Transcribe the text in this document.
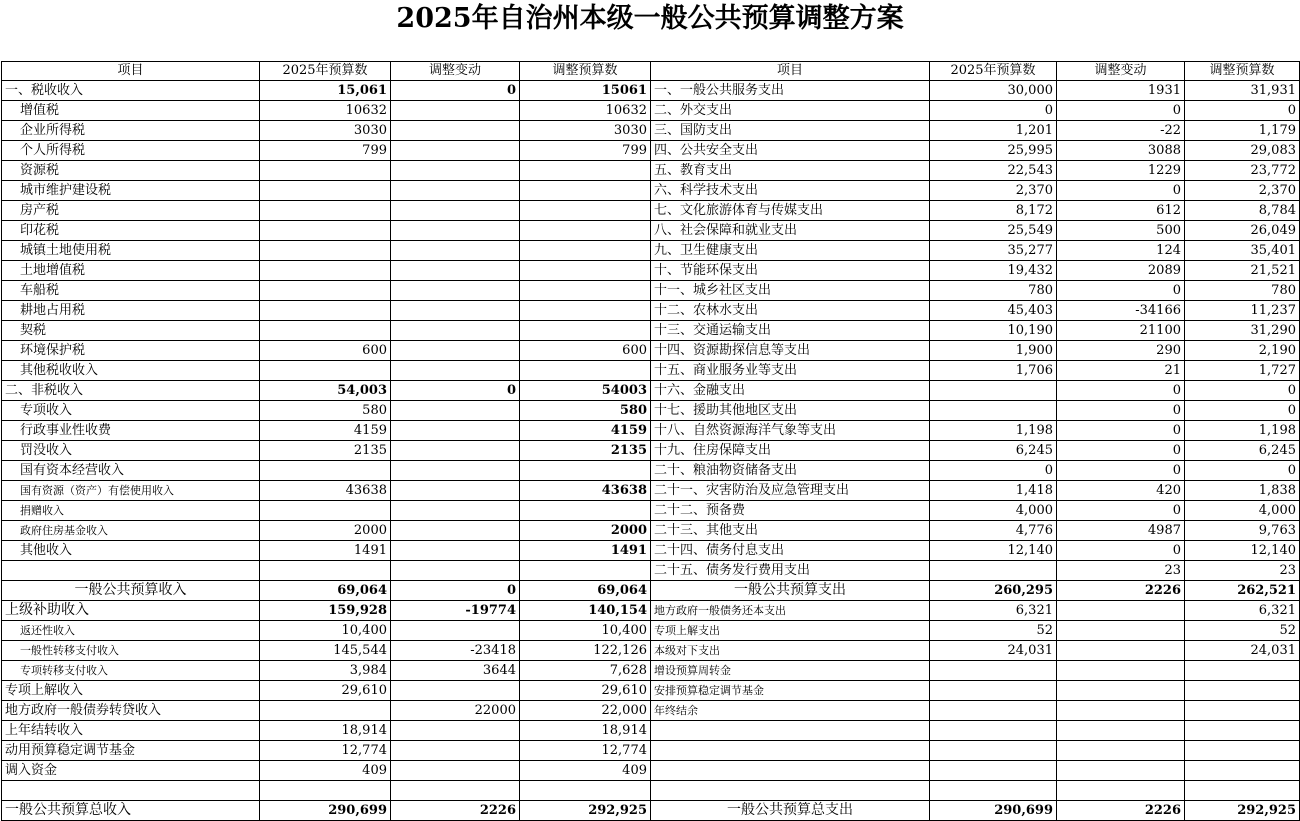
2025年自治州本级一般公共预算调整方案
项目	2025年预算数	调整变动	调整预算数	项目	2025年预算数	调整变动	调整预算数
一、税收收入	15,061	0	15061	一、一般公共服务支出	30,000	1931	31,931
增值税	10632		10632	二、外交支出	0	0	0
企业所得税	3030		3030	三、国防支出	1,201	-22	1,179
个人所得税	799		799	四、公共安全支出	25,995	3088	29,083
资源税				五、教育支出	22,543	1229	23,772
城市维护建设税				六、科学技术支出	2,370	0	2,370
房产税				七、文化旅游体育与传媒支出	8,172	612	8,784
印花税				八、社会保障和就业支出	25,549	500	26,049
城镇土地使用税				九、卫生健康支出	35,277	124	35,401
土地增值税				十、节能环保支出	19,432	2089	21,521
车船税				十一、城乡社区支出	780	0	780
耕地占用税				十二、农林水支出	45,403	-34166	11,237
契税				十三、交通运输支出	10,190	21100	31,290
环境保护税	600		600	十四、资源勘探信息等支出	1,900	290	2,190
其他税收收入				十五、商业服务业等支出	1,706	21	1,727
二、非税收入	54,003	0	54003	十六、金融支出		0	0
专项收入	580		580	十七、援助其他地区支出		0	0
行政事业性收费	4159		4159	十八、自然资源海洋气象等支出	1,198	0	1,198
罚没收入	2135		2135	十九、住房保障支出	6,245	0	6,245
国有资本经营收入				二十、粮油物资储备支出	0	0	0
国有资源（资产）有偿使用收入	43638		43638	二十一、灾害防治及应急管理支出	1,418	420	1,838
捐赠收入				二十二、预备费	4,000	0	4,000
政府住房基金收入	2000		2000	二十三、其他支出	4,776	4987	9,763
其他收入	1491		1491	二十四、债务付息支出	12,140	0	12,140
				二十五、债务发行费用支出		23	23
一般公共预算收入	69,064	0	69,064	一般公共预算支出	260,295	2226	262,521
上级补助收入	159,928	-19774	140,154	地方政府一般债务还本支出	6,321		6,321
返还性收入	10,400		10,400	专项上解支出	52		52
一般性转移支付收入	145,544	-23418	122,126	本级对下支出	24,031		24,031
专项转移支付收入	3,984	3644	7,628	增设预算周转金			
专项上解收入	29,610		29,610	安排预算稳定调节基金			
地方政府一般债券转贷收入		22000	22,000	年终结余			
上年结转收入	18,914		18,914				
动用预算稳定调节基金	12,774		12,774				
调入资金	409		409				

一般公共预算总收入	290,699	2226	292,925	一般公共预算总支出	290,699	2226	292,925
